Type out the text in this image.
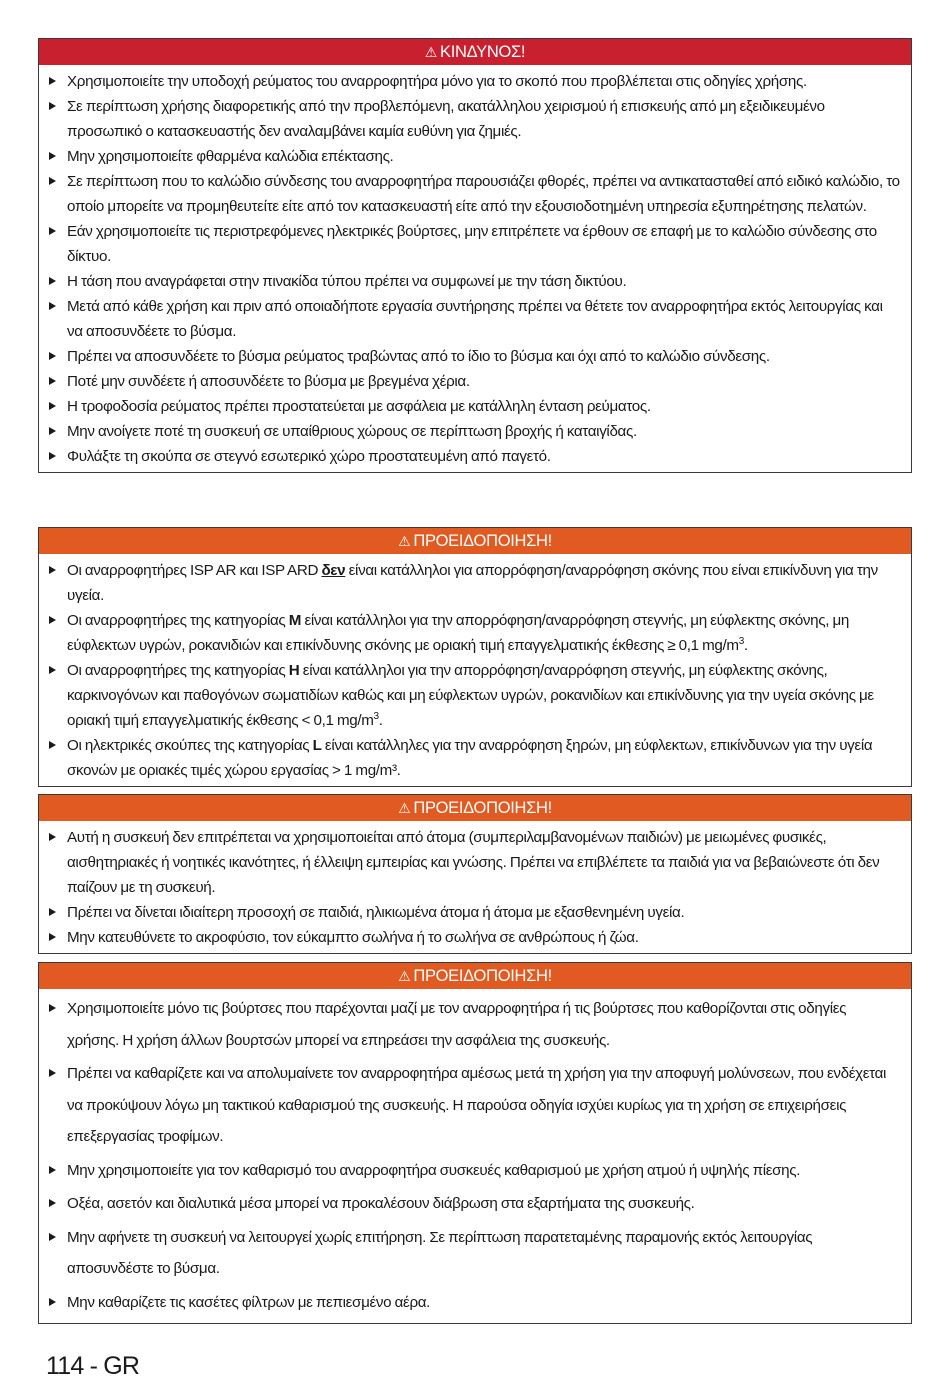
⚠ ΚΙΝΔΥΝΟΣ!
Χρησιμοποιείτε την υποδοχή ρεύματος του αναρροφητήρα μόνο για το σκοπό που προβλέπεται στις οδηγίες χρήσης.
Σε περίπτωση χρήσης διαφορετικής από την προβλεπόμενη, ακατάλληλου χειρισμού ή επισκευής από μη εξειδικευμένο προσωπικό ο κατασκευαστής δεν αναλαμβάνει καμία ευθύνη για ζημιές.
Μην χρησιμοποιείτε φθαρμένα καλώδια επέκτασης.
Σε περίπτωση που το καλώδιο σύνδεσης του αναρροφητήρα παρουσιάζει φθορές, πρέπει να αντικατασταθεί από ειδικό καλώδιο, το οποίο μπορείτε να προμηθευτείτε είτε από τον κατασκευαστή είτε από την εξουσιοδοτημένη υπηρεσία εξυπηρέτησης πελατών.
Εάν χρησιμοποιείτε τις περιστρεφόμενες ηλεκτρικές βούρτσες, μην επιτρέπετε να έρθουν σε επαφή με το καλώδιο σύνδεσης στο δίκτυο.
Η τάση που αναγράφεται στην πινακίδα τύπου πρέπει να συμφωνεί με την τάση δικτύου.
Μετά από κάθε χρήση και πριν από οποιαδήποτε εργασία συντήρησης πρέπει να θέτετε τον αναρροφητήρα εκτός λειτουργίας και να αποσυνδέετε το βύσμα.
Πρέπει να αποσυνδέετε το βύσμα ρεύματος τραβώντας από το ίδιο το βύσμα και όχι από το καλώδιο σύνδεσης.
Ποτέ μην συνδέετε ή αποσυνδέετε το βύσμα με βρεγμένα χέρια.
Η τροφοδοσία ρεύματος πρέπει προστατεύεται με ασφάλεια με κατάλληλη ένταση ρεύματος.
Μην ανοίγετε ποτέ τη συσκευή σε υπαίθριους χώρους σε περίπτωση βροχής ή καταιγίδας.
Φυλάξτε τη σκούπα σε στεγνό εσωτερικό χώρο προστατευμένη από παγετό.
⚠ ΠΡΟΕΙΔΟΠΟΙΗΣΗ!
Οι αναρροφητήρες ISP AR και ISP ARD δεν είναι κατάλληλοι για απορρόφηση/αναρρόφηση σκόνης που είναι επικίνδυνη για την υγεία.
Οι αναρροφητήρες της κατηγορίας M είναι κατάλληλοι για την απορρόφηση/αναρρόφηση στεγνής, μη εύφλεκτης σκόνης, μη εύφλεκτων υγρών, ροκανιδιών και επικίνδυνης σκόνης με οριακή τιμή επαγγελματικής έκθεσης ≥ 0,1 $mg/m^3$.
Οι αναρροφητήρες της κατηγορίας H είναι κατάλληλοι για την απορρόφηση/αναρρόφηση στεγνής, μη εύφλεκτης σκόνης, καρκινογόνων και παθογόνων σωματιδίων καθώς και μη εύφλεκτων υγρών, ροκανιδίων και επικίνδυνης για την υγεία σκόνης με οριακή τιμή επαγγελματικής έκθεσης < 0,1 $mg/m^3$.
Οι ηλεκτρικές σκούπες της κατηγορίας L είναι κατάλληλες για την αναρρόφηση ξηρών, μη εύφλεκτων, επικίνδυνων για την υγεία σκονών με οριακές τιμές χώρου εργασίας > 1 mg/m³.
⚠ ΠΡΟΕΙΔΟΠΟΙΗΣΗ!
Αυτή η συσκευή δεν επιτρέπεται να χρησιμοποιείται από άτομα (συμπεριλαμβανομένων παιδιών) με μειωμένες φυσικές, αισθητηριακές ή νοητικές ικανότητες, ή έλλειψη εμπειρίας και γνώσης. Πρέπει να επιβλέπετε τα παιδιά για να βεβαιώνεστε ότι δεν παίζουν με τη συσκευή.
Πρέπει να δίνεται ιδιαίτερη προσοχή σε παιδιά, ηλικιωμένα άτομα ή άτομα με εξασθενημένη υγεία.
Μην κατευθύνετε το ακροφύσιο, τον εύκαμπτο σωλήνα ή το σωλήνα σε ανθρώπους ή ζώα.
⚠ ΠΡΟΕΙΔΟΠΟΙΗΣΗ!
Χρησιμοποιείτε μόνο τις βούρτσες που παρέχονται μαζί με τον αναρροφητήρα ή τις βούρτσες που καθορίζονται στις οδηγίες χρήσης. Η χρήση άλλων βουρτσών μπορεί να επηρεάσει την ασφάλεια της συσκευής.
Πρέπει να καθαρίζετε και να απολυμαίνετε τον αναρροφητήρα αμέσως μετά τη χρήση για την αποφυγή μολύνσεων, που ενδέχεται να προκύψουν λόγω μη τακτικού καθαρισμού της συσκευής. Η παρούσα οδηγία ισχύει κυρίως για τη χρήση σε επιχειρήσεις επεξεργασίας τροφίμων.
Μην χρησιμοποιείτε για τον καθαρισμό του αναρροφητήρα συσκευές καθαρισμού με χρήση ατμού ή υψηλής πίεσης.
Οξέα, ασετόν και διαλυτικά μέσα μπορεί να προκαλέσουν διάβρωση στα εξαρτήματα της συσκευής.
Μην αφήνετε τη συσκευή να λειτουργεί χωρίς επιτήρηση. Σε περίπτωση παρατεταμένης παραμονής εκτός λειτουργίας αποσυνδέστε το βύσμα.
Μην καθαρίζετε τις κασέτες φίλτρων με πεπιεσμένο αέρα.
114 - GR
